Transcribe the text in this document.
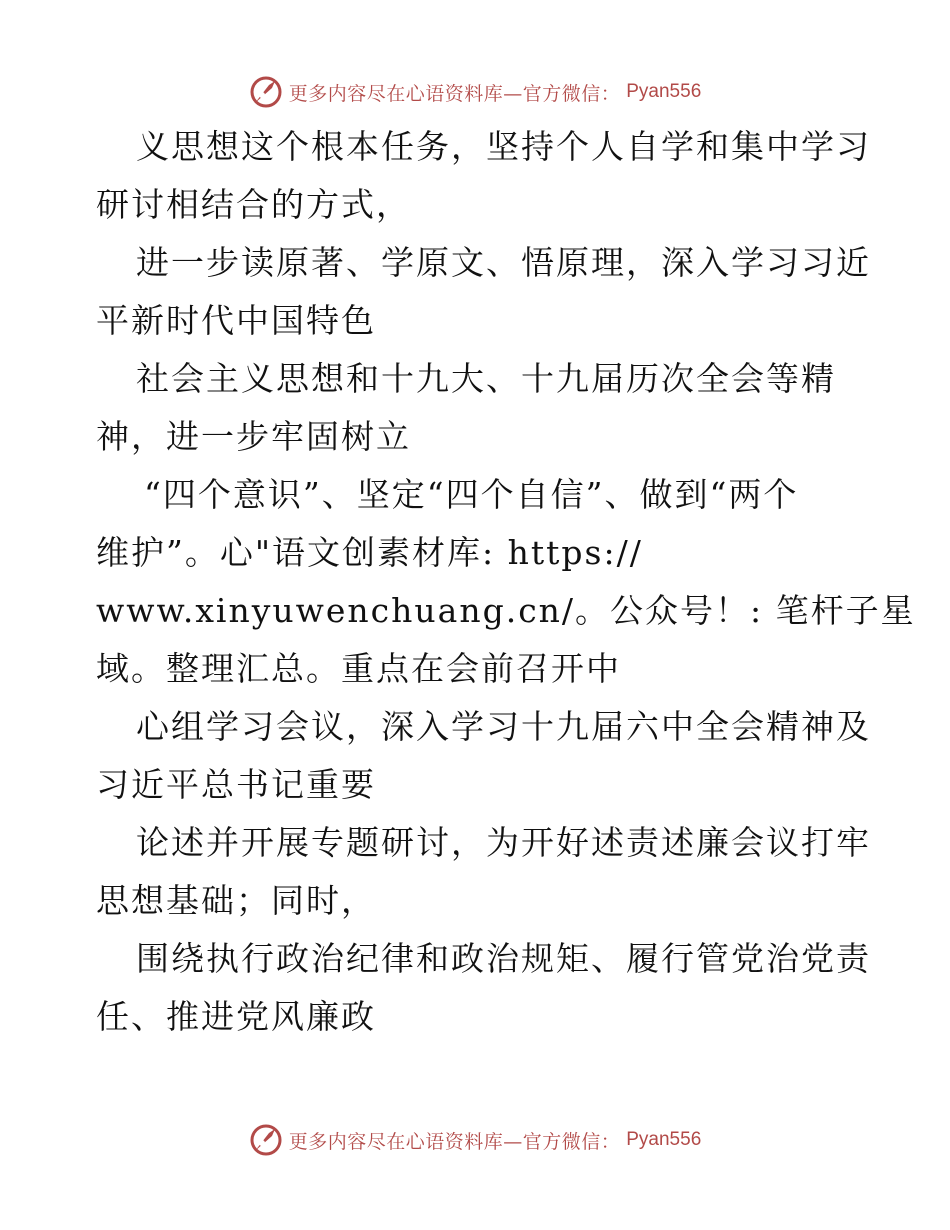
更多内容尽在心语资料库—官方微信： Pyan556
义思想这个根本任务，坚持个人自学和集中学习
研讨相结合的方式，
进一步读原著、学原文、悟原理，深入学习习近
平新时代中国特色
社会主义思想和十九大、十九届历次全会等精
神，进一步牢固树立
“四个意识”、坚定“四个自信”、做到“两个
维护”。心"语文创素材库: https://
www.xinyuwenchuang.cn/。公众号！: 笔杆子星
域。整理汇总。重点在会前召开中
心组学习会议，深入学习十九届六中全会精神及
习近平总书记重要
论述并开展专题研讨，为开好述责述廉会议打牢
思想基础；同时，
围绕执行政治纪律和政治规矩、履行管党治党责
任、推进党风廉政
更多内容尽在心语资料库—官方微信： Pyan556
